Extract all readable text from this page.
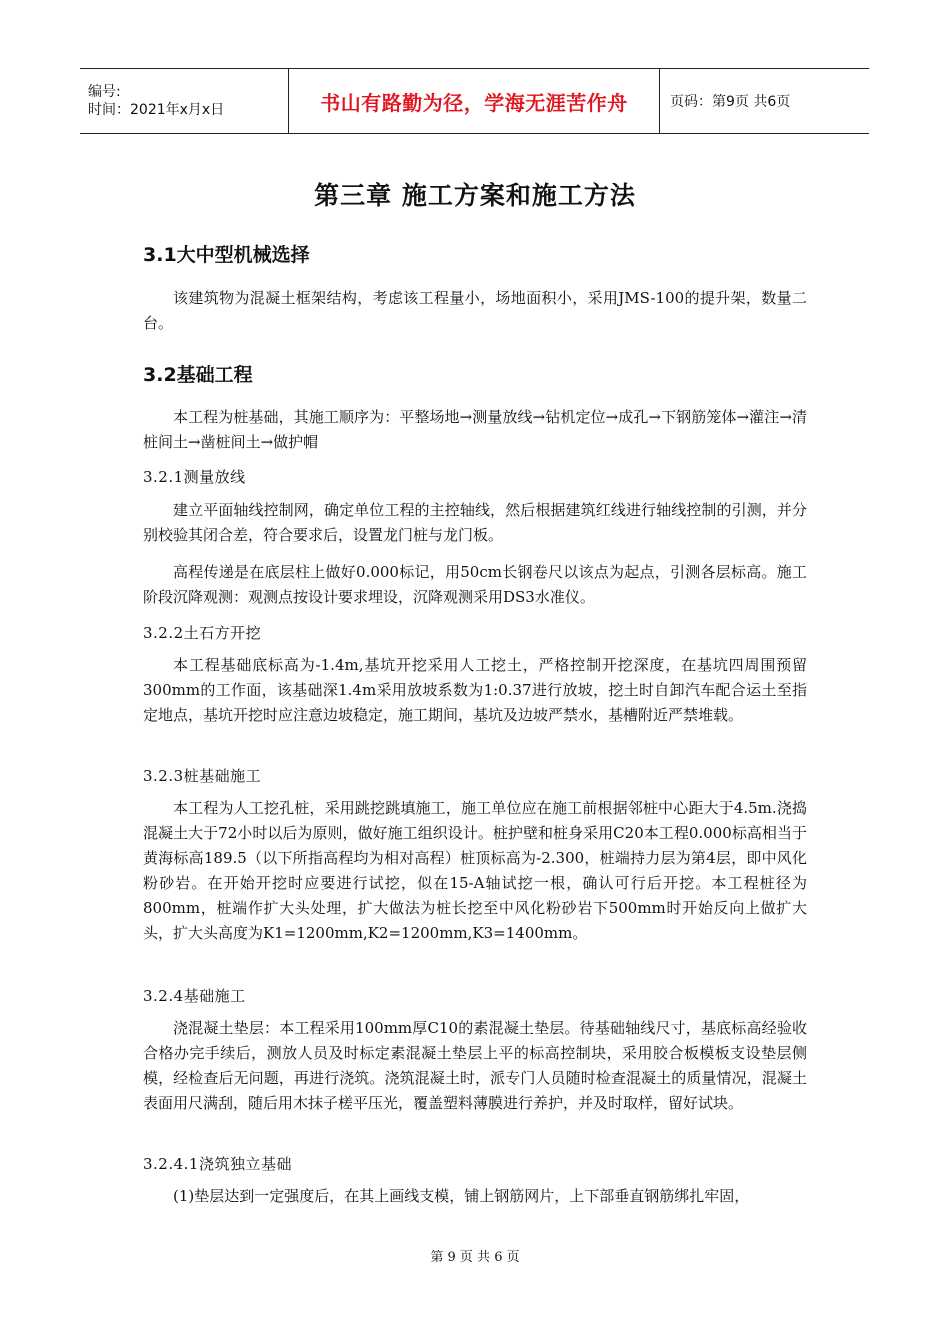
编号:
时间：2021年x月x日	书山有路勤为径，学海无涯苦作舟	页码：第9页 共6页
第三章 施工方案和施工方法
3.1大中型机械选择

该建筑物为混凝土框架结构，考虑该工程量小，场地面积小，采用JMS-100的提升架，数量二台。

3.2基础工程

本工程为桩基础，其施工顺序为：平整场地→测量放线→钻机定位→成孔→下钢筋笼体→灌注→清桩间土→凿桩间土→做护帽

3.2.1测量放线

建立平面轴线控制网，确定单位工程的主控轴线，然后根据建筑红线进行轴线控制的引测，并分别校验其闭合差，符合要求后，设置龙门桩与龙门板。

高程传递是在底层柱上做好0.000标记，用50cm长钢卷尺以该点为起点，引测各层标高。施工阶段沉降观测：观测点按设计要求埋设，沉降观测采用DS3水准仪。

3.2.2土石方开挖

本工程基础底标高为-1.4m,基坑开挖采用人工挖土，严格控制开挖深度，在基坑四周围预留300mm的工作面，该基础深1.4m采用放坡系数为1:0.37进行放坡，挖土时自卸汽车配合运土至指定地点，基坑开挖时应注意边坡稳定，施工期间，基坑及边坡严禁水，基槽附近严禁堆载。

3.2.3桩基础施工

本工程为人工挖孔桩，采用跳挖跳填施工，施工单位应在施工前根据邻桩中心距大于4.5m.浇捣混凝土大于72小时以后为原则，做好施工组织设计。桩护壁和桩身采用C20本工程0.000标高相当于黄海标高189.5（以下所指高程均为相对高程）桩顶标高为-2.300，桩端持力层为第4层，即中风化粉砂岩。在开始开挖时应要进行试挖，似在15-A轴试挖一根，确认可行后开挖。本工程桩径为800mm，桩端作扩大头处理，扩大做法为桩长挖至中风化粉砂岩下500mm时开始反向上做扩大头，扩大头高度为K1=1200mm,K2=1200mm,K3=1400mm。

3.2.4基础施工

浇混凝土垫层：本工程采用100mm厚C10的素混凝土垫层。待基础轴线尺寸，基底标高经验收合格办完手续后，测放人员及时标定素混凝土垫层上平的标高控制块，采用胶合板模板支设垫层侧模，经检查后无问题，再进行浇筑。浇筑混凝土时，派专门人员随时检查混凝土的质量情况，混凝土表面用尺满刮，随后用木抹子槎平压光，覆盖塑料薄膜进行养护，并及时取样，留好试块。

3.2.4.1浇筑独立基础

(1)垫层达到一定强度后，在其上画线支模，铺上钢筋网片，上下部垂直钢筋绑扎牢固，

第 9 页 共 6 页
